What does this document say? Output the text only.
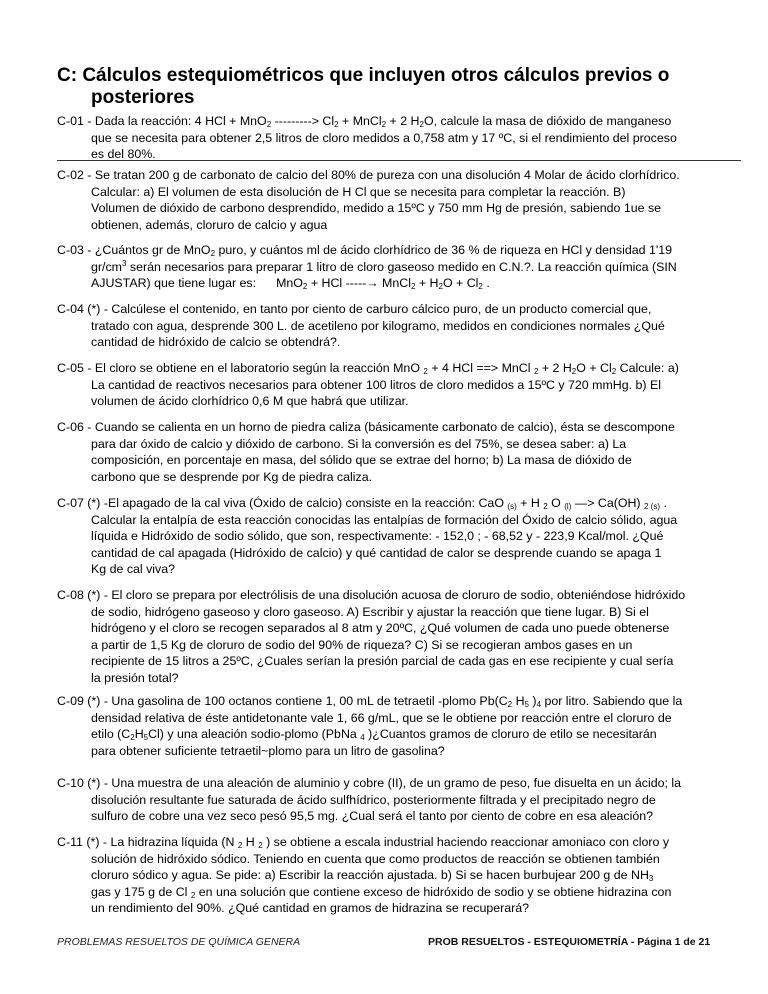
C: Cálculos estequiométricos que incluyen otros cálculos previos o
posteriores
C-01 - Dada la reacción: 4 HCl + MnO$_2$ ---------> $Cl_2$ + MnCl$_2$ + 2 $H_2O$, calcule la masa de dióxido de manganeso
que se necesita para obtener 2,5 litros de cloro medidos a 0,758 atm y 17 ºC, si el rendimiento del proceso
es del 80%.
C-02 - Se tratan 200 g de carbonato de calcio del 80% de pureza con una disolución 4 Molar de ácido clorhídrico.
Calcular: a) El volumen de esta disolución de H Cl que se necesita para completar la reacción. B)
Volumen de dióxido de carbono desprendido, medido a 15ºC y 750 mm Hg de presión, sabiendo 1ue se
obtienen, además, cloruro de calcio y agua
C-03 - ¿Cuántos gr de MnO$_2$ puro, y cuántos ml de ácido clorhídrico de 36 % de riqueza en HCl y densidad 1'19
$gr/cm^3$ serán necesarios para preparar 1 litro de cloro gaseoso medido en C.N.?. La reacción química (SIN
AJUSTAR) que tiene lugar es: MnO$_2$ + HCl -----→ MnCl$_2$ + $H_2O + Cl_2$ .
C-04 (*) - Calcúlese el contenido, en tanto por ciento de carburo cálcico puro, de un producto comercial que,
tratado con agua, desprende 300 L. de acetileno por kilogramo, medidos en condiciones normales ¿Qué
cantidad de hidróxido de calcio se obtendrá?.
C-05 - El cloro se obtiene en el laboratorio según la reacción MnO $_2$ + 4 HCl ==> MnCl $_2$ + 2 $H_2O + Cl_2$ Calcule: a)
La cantidad de reactivos necesarios para obtener 100 litros de cloro medidos a 15ºC y 720 mmHg. b) El
volumen de ácido clorhídrico 0,6 M que habrá que utilizar.
C-06 - Cuando se calienta en un horno de piedra caliza (básicamente carbonato de calcio), ésta se descompone
para dar óxido de calcio y dióxido de carbono. Si la conversión es del 75%, se desea saber: a) La
composición, en porcentaje en masa, del sólido que se extrae del horno; b) La masa de dióxido de
carbono que se desprende por Kg de piedra caliza.
C-07 (*) -El apagado de la cal viva (Óxido de calcio) consiste en la reacción: CaO $_{(s)}$ + H $_2$ O $_{(l)}$ —> Ca(OH) $_{2 (s)}$ .
Calcular la entalpía de esta reacción conocidas las entalpías de formación del Óxido de calcio sólido, agua
líquida e Hidróxido de sodio sólido, que son, respectivamente: - 152,0 ; - 68,52 y - 223,9 Kcal/mol. ¿Qué
cantidad de cal apagada (Hidróxido de calcio) y qué cantidad de calor se desprende cuando se apaga 1
Kg de cal viva?
C-08 (*) - El cloro se prepara por electrólisis de una disolución acuosa de cloruro de sodio, obteniéndose hidróxido
de sodio, hidrógeno gaseoso y cloro gaseoso. A) Escribir y ajustar la reacción que tiene lugar. B) Si el
hidrógeno y el cloro se recogen separados al 8 atm y 20ºC, ¿Qué volumen de cada uno puede obtenerse
a partir de 1,5 Kg de cloruro de sodio del 90% de riqueza? C) Si se recogieran ambos gases en un
recipiente de 15 litros a 25ºC, ¿Cuales serían la presión parcial de cada gas en ese recipiente y cual sería
la presión total?
C-09 (*) - Una gasolina de 100 octanos contiene 1, 00 mL de tetraetil -plomo $Pb(C_2$ $H_5$ )$_4$ por litro. Sabiendo que la
densidad relativa de éste antidetonante vale 1, 66 g/mL, que se le obtiene por reacción entre el cloruro de
etilo $(C_2H_5Cl)$ y una aleación sodio-plomo (PbNa $_4$ )¿Cuantos gramos de cloruro de etilo se necesitarán
para obtener suficiente tetraetil~plomo para un litro de gasolina?
C-10 (*) - Una muestra de una aleación de aluminio y cobre (II), de un gramo de peso, fue disuelta en un ácido; la
disolución resultante fue saturada de ácido sulfhídrico, posteriormente filtrada y el precipitado negro de
sulfuro de cobre una vez seco pesó 95,5 mg. ¿Cual será el tanto por ciento de cobre en esa aleación?
C-11 (*) - La hidrazina líquida (N $_2$ H $_2$ ) se obtiene a escala industrial haciendo reaccionar amoniaco con cloro y
solución de hidróxido sódico. Teniendo en cuenta que como productos de reacción se obtienen también
cloruro sódico y agua. Se pide: a) Escribir la reacción ajustada. b) Si se hacen burbujear 200 g de $NH_3$
gas y 175 g de Cl $_2$ en una solución que contiene exceso de hidróxido de sodio y se obtiene hidrazina con
un rendimiento del 90%. ¿Qué cantidad en gramos de hidrazina se recuperará?
PROBLEMAS RESUELTOS DE QUÍMICA GENERA	PROB RESUELTOS - ESTEQUIOMETRÍA - Página 1 de 21
